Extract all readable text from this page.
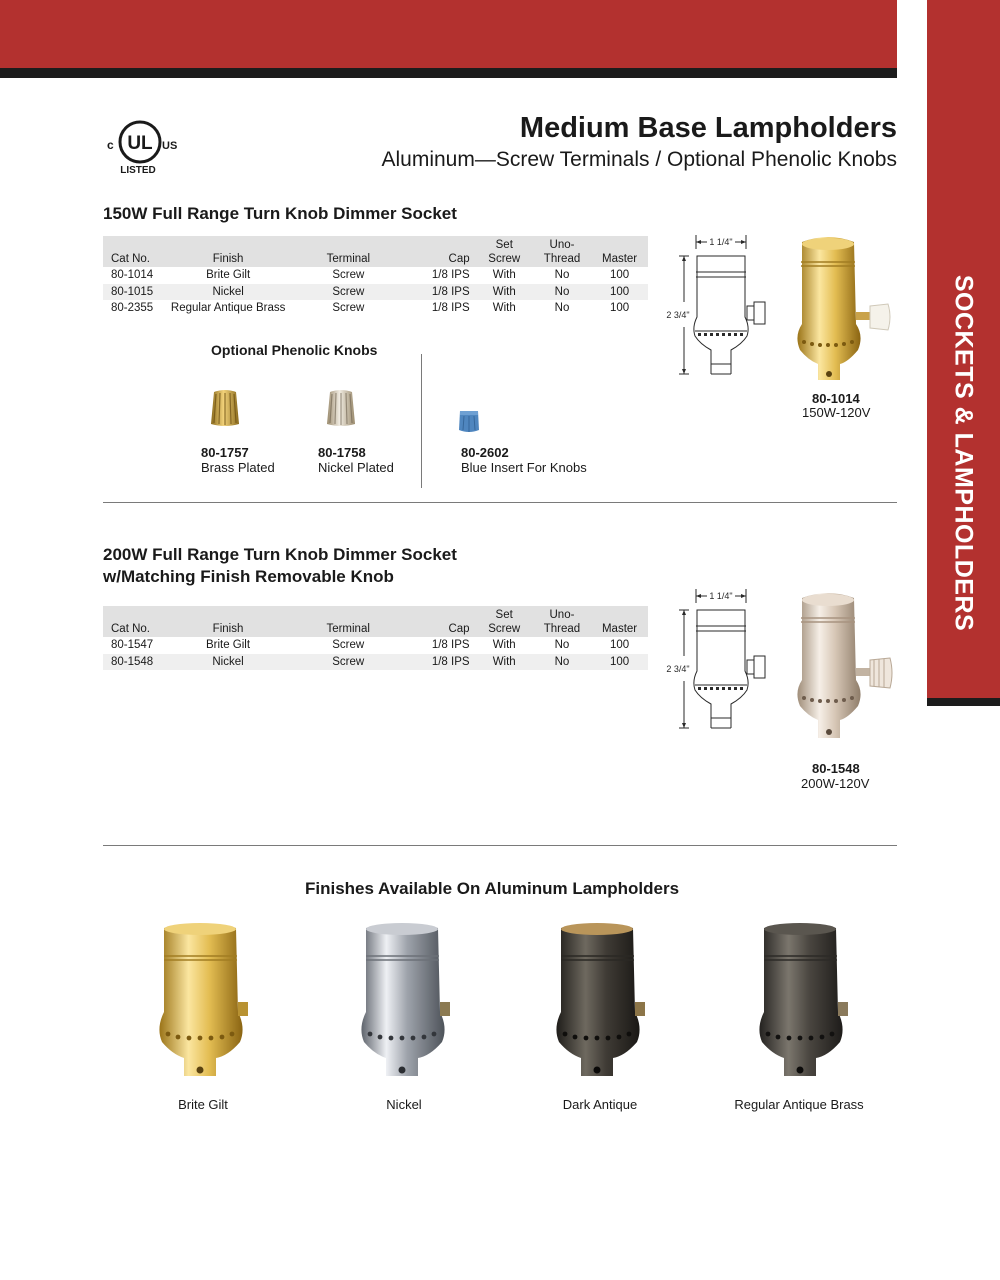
SOCKETS & LAMPHOLDERS
c UL US
LISTED
Medium Base Lampholders
Aluminum—Screw Terminals / Optional Phenolic Knobs
150W Full Range Turn Knob Dimmer Socket
Cat No.	Finish	Terminal	Cap	Set Screw	Uno-Thread	Master
80-1014	Brite Gilt	Screw	1/8 IPS	With	No	100
80-1015	Nickel	Screw	1/8 IPS	With	No	100
80-2355	Regular Antique Brass	Screw	1/8 IPS	With	No	100
Optional Phenolic Knobs
80-1757
Brass Plated
80-1758
Nickel Plated
80-2602
Blue Insert For Knobs
1 1/4"
2 3/4"
80-1014
150W-120V
200W Full Range Turn Knob Dimmer Socket
w/Matching Finish Removable Knob
Cat No.	Finish	Terminal	Cap	Set Screw	Uno-Thread	Master
80-1547	Brite Gilt	Screw	1/8 IPS	With	No	100
80-1548	Nickel	Screw	1/8 IPS	With	No	100
1 1/4"
2 3/4"
80-1548
200W-120V
Finishes Available On Aluminum Lampholders
Brite Gilt	Nickel	Dark Antique	Regular Antique Brass
